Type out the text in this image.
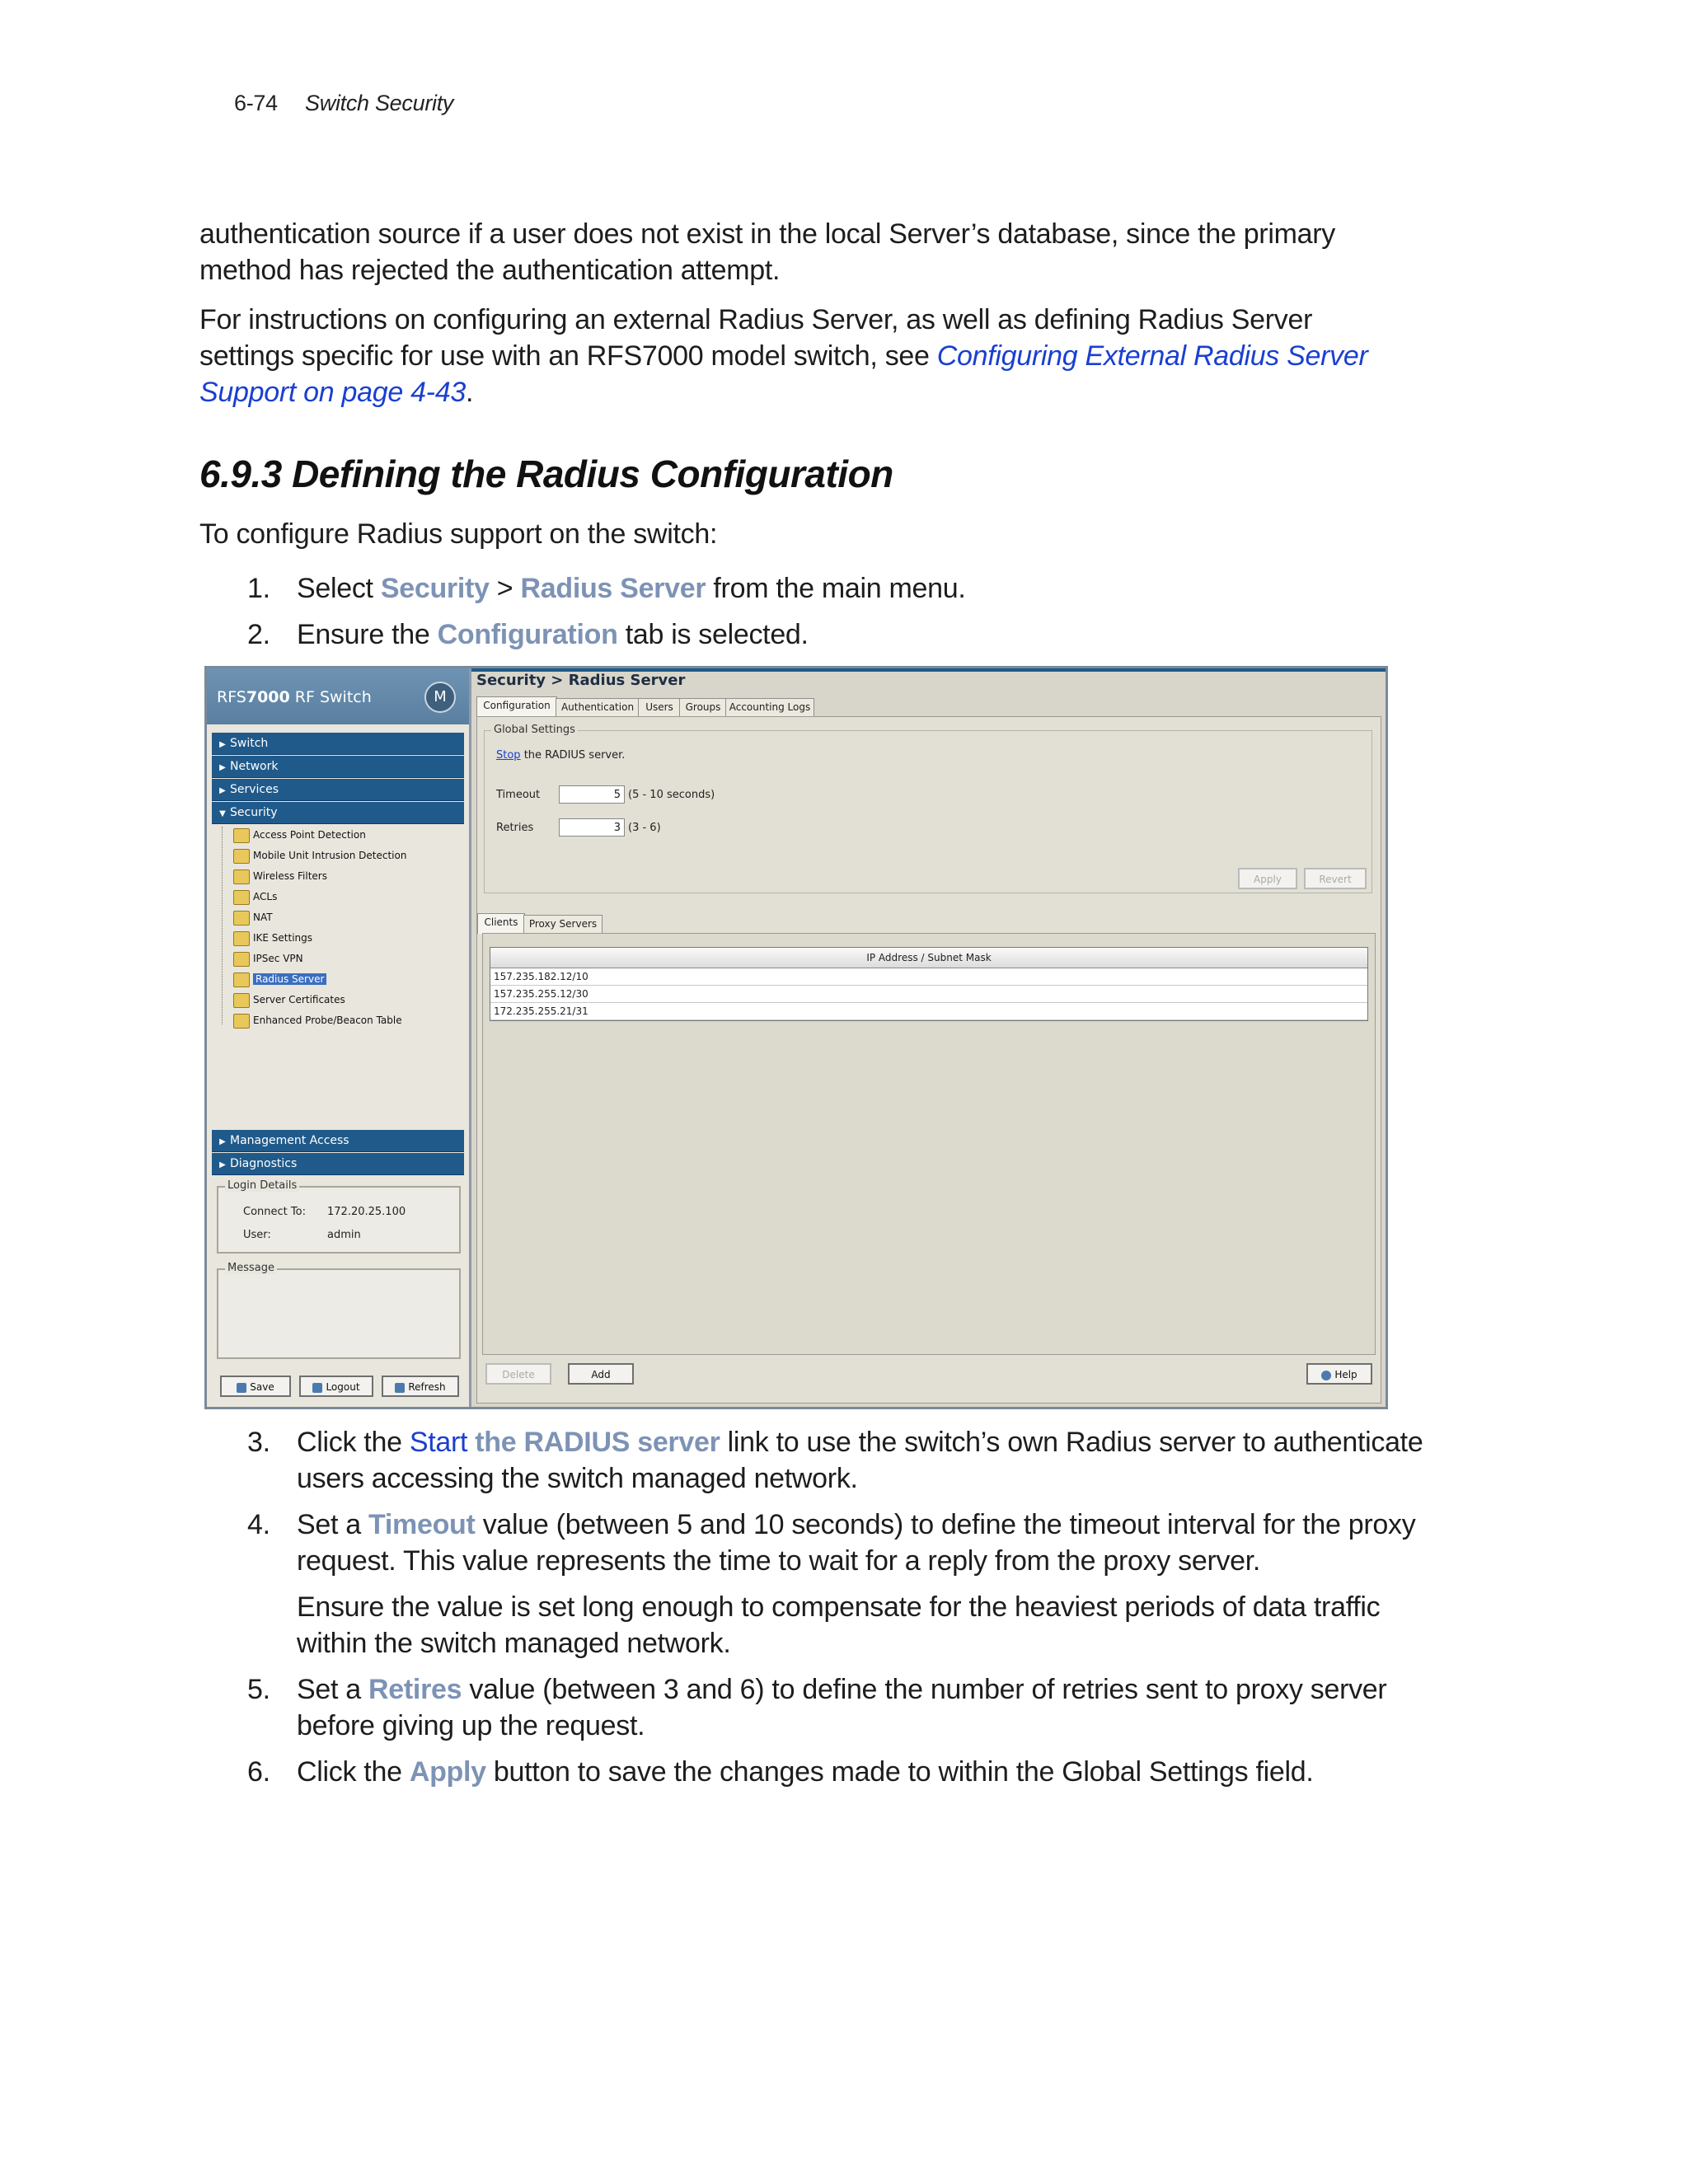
6-74 Switch Security
authentication source if a user does not exist in the local Server’s database, since the primary method has rejected the authentication attempt.
For instructions on configuring an external Radius Server, as well as defining Radius Server settings specific for use with an RFS7000 model switch, see Configuring External Radius Server Support on page 4-43.
6.9.3 Defining the Radius Configuration
To configure Radius support on the switch:
1. Select Security > Radius Server from the main menu.
2. Ensure the Configuration tab is selected.
RFS7000 RF Switch	M
▶ Switch
▶ Network
▶ Services
▼ Security
Access Point Detection
Mobile Unit Intrusion Detection
Wireless Filters
ACLs
NAT
IKE Settings
IPSec VPN
Radius Server
Server Certificates
Enhanced Probe/Beacon Table
▶ Management Access
▶ Diagnostics
Login Details
Connect To: 172.20.25.100
User:	admin
Message
Save	Logout	Refresh
Security > Radius Server
Configuration	Authentication	Users	Groups Accounting Logs
Global Settings
Stop the RADIUS server.
Timeout	5 (5 - 10 seconds)
Retries	3 (3 - 6)
Apply	Revert
Clients	Proxy Servers
IP Address / Subnet Mask
157.235.182.12/10
157.235.255.12/30
172.235.255.21/31
Delete	Add	Help
3. Click the Start the RADIUS server link to use the switch’s own Radius server to authenticate users accessing the switch managed network.
4. Set a Timeout value (between 5 and 10 seconds) to define the timeout interval for the proxy request. This value represents the time to wait for a reply from the proxy server.
Ensure the value is set long enough to compensate for the heaviest periods of data traffic within the switch managed network.
5. Set a Retires value (between 3 and 6) to define the number of retries sent to proxy server before giving up the request.
6. Click the Apply button to save the changes made to within the Global Settings field.
